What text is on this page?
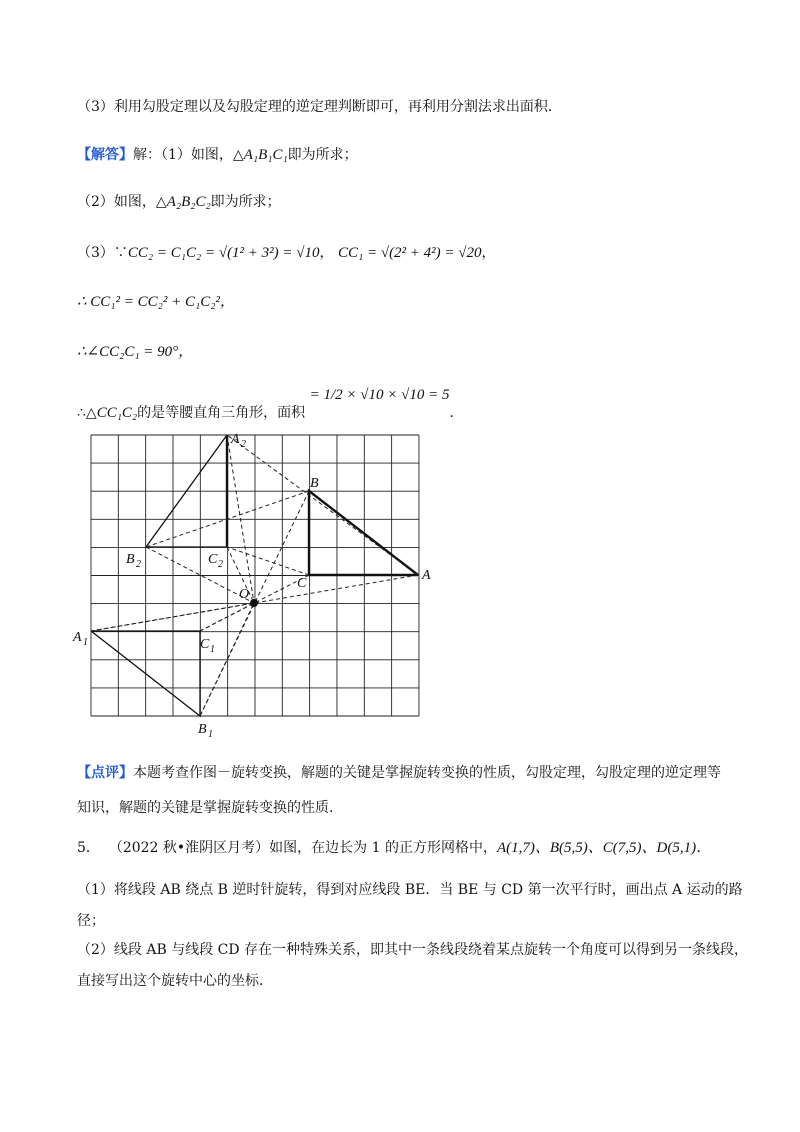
（3）利用勾股定理以及勾股定理的逆定理判断即可，再利用分割法求出面积．
【解答】解：（1）如图，△A₁B₁C₁即为所求；
（2）如图，△A₂B₂C₂即为所求；
（3）∵CC₂ = C₁C₂ = √(1² + 3²) = √10， CC₁ = √(2² + 4²) = √20，
∴ CC₁² = CC₂² + C₁C₂²，
∴∠CC₂C₁ = 90°，
∴△CC₁C₂的是等腰直角三角形，面积 = 1/2 × √10 × √10 = 5．
A
B
C
O
A 2
B 2	C 2
A 1
B 1
C 1
【点评】本题考查作图－旋转变换，解题的关键是掌握旋转变换的性质，勾股定理，勾股定理的逆定理等
知识，解题的关键是掌握旋转变换的性质．
5． （2022 秋•淮阴区月考）如图，在边长为 1 的正方形网格中，A(1,7)、B(5,5)、C(7,5)、D(5,1)．
（1）将线段 AB 绕点 B 逆时针旋转，得到对应线段 BE．当 BE 与 CD 第一次平行时，画出点 A 运动的路
径；
（2）线段 AB 与线段 CD 存在一种特殊关系，即其中一条线段绕着某点旋转一个角度可以得到另一条线段，
直接写出这个旋转中心的坐标．
